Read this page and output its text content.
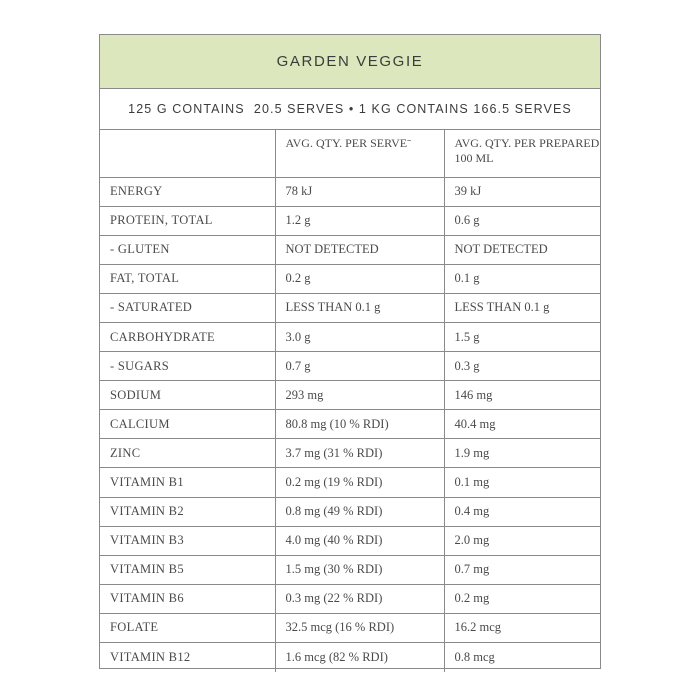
GARDEN VEGGIE
125 G CONTAINS  20.5 SERVES • 1 KG CONTAINS 166.5 SERVES
	AVG. QTY. PER SERVEˉ	AVG. QTY. PER PREPARED 100 ML
ENERGY	78 kJ	39 kJ
PROTEIN, TOTAL	1.2 g	0.6 g
- GLUTEN	NOT DETECTED	NOT DETECTED
FAT, TOTAL	0.2 g	0.1 g
- SATURATED	LESS THAN 0.1 g	LESS THAN 0.1 g
CARBOHYDRATE	3.0 g	1.5 g
- SUGARS	0.7 g	0.3 g
SODIUM	293 mg	146 mg
CALCIUM	80.8 mg (10 % RDI)	40.4 mg
ZINC	3.7 mg (31 % RDI)	1.9 mg
VITAMIN B1	0.2 mg (19 % RDI)	0.1 mg
VITAMIN B2	0.8 mg (49 % RDI)	0.4 mg
VITAMIN B3	4.0 mg (40 % RDI)	2.0 mg
VITAMIN B5	1.5 mg (30 % RDI)	0.7 mg
VITAMIN B6	0.3 mg (22 % RDI)	0.2 mg
FOLATE	32.5 mcg (16 % RDI)	16.2 mcg
VITAMIN B12	1.6 mcg (82 % RDI)	0.8 mcg
